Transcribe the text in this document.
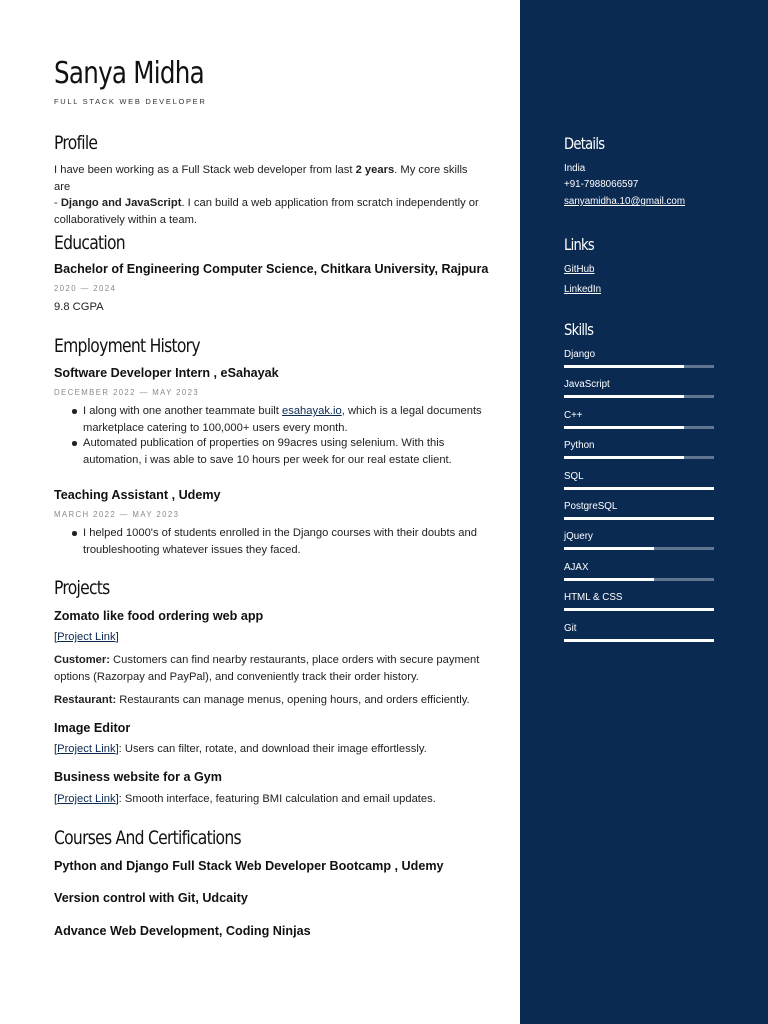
Sanya Midha
FULL STACK WEB DEVELOPER
Profile
I have been working as a Full Stack web developer from last 2 years. My core skills are
- Django and JavaScript. I can build a web application from scratch independently or
collaboratively within a team.
Education
Bachelor of Engineering Computer Science, Chitkara University, Rajpura
2020 — 2024
9.8 CGPA
Employment History
Software Developer Intern , eSahayak
DECEMBER 2022 — MAY 2023
I along with one another teammate built esahayak.io, which is a legal documents
marketplace catering to 100,000+ users every month.
Automated publication of properties on 99acres using selenium. With this
automation, i was able to save 10 hours per week for our real estate client.
Teaching Assistant , Udemy
MARCH 2022 — MAY 2023
I helped 1000's of students enrolled in the Django courses with their doubts and
troubleshooting whatever issues they faced.
Projects
Zomato like food ordering web app
[Project Link]
Customer: Customers can find nearby restaurants, place orders with secure payment
options (Razorpay and PayPal), and conveniently track their order history.
Restaurant: Restaurants can manage menus, opening hours, and orders efficiently.
Image Editor
[Project Link]: Users can filter, rotate, and download their image effortlessly.
Business website for a Gym
[Project Link]: Smooth interface, featuring BMI calculation and email updates.
Courses And Certifications
Python and Django Full Stack Web Developer Bootcamp , Udemy
Version control with Git, Udcaity
Advance Web Development, Coding Ninjas
Details
India
+91-7988066597
sanyamidha.10@gmail.com
Links
GitHub
LinkedIn
Skills
Django
JavaScript
C++
Python
SQL
PostgreSQL
jQuery
AJAX
HTML & CSS
Git
